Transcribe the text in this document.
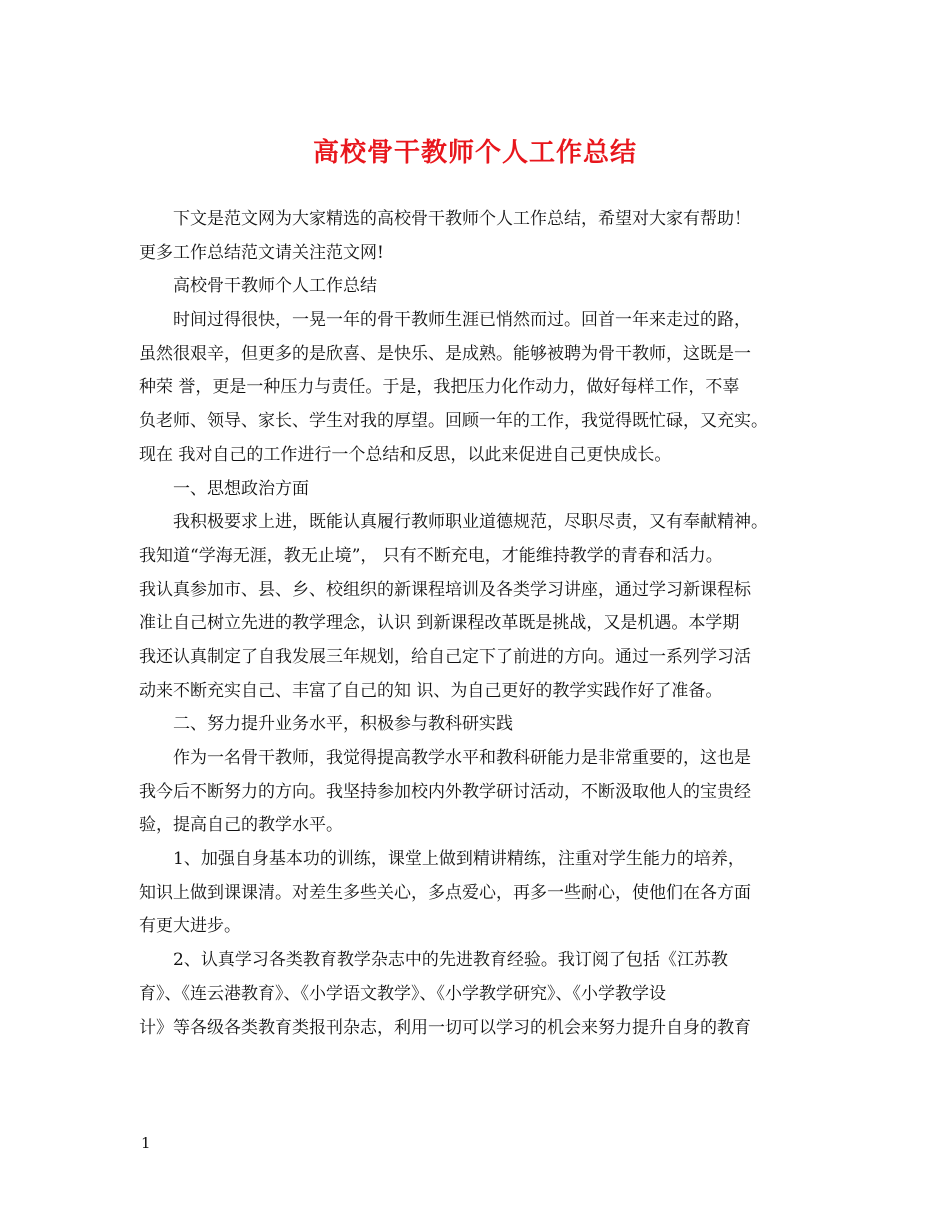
高校骨干教师个人工作总结
下文是范文网为大家精选的高校骨干教师个人工作总结，希望对大家有帮助！
更多工作总结范文请关注范文网!
高校骨干教师个人工作总结
时间过得很快，一晃一年的骨干教师生涯已悄然而过。回首一年来走过的路，
虽然很艰辛，但更多的是欣喜、是快乐、是成熟。能够被聘为骨干教师，这既是一
种荣 誉，更是一种压力与责任。于是，我把压力化作动力，做好每样工作，不辜
负老师、领导、家长、学生对我的厚望。回顾一年的工作，我觉得既忙碌，又充实。
现在 我对自己的工作进行一个总结和反思，以此来促进自己更快成长。
一、思想政治方面
我积极要求上进，既能认真履行教师职业道德规范，尽职尽责，又有奉献精神。
我知道“学海无涯，教无止境”， 只有不断充电，才能维持教学的青春和活力。
我认真参加市、县、乡、校组织的新课程培训及各类学习讲座，通过学习新课程标
准让自己树立先进的教学理念，认识 到新课程改革既是挑战，又是机遇。本学期
我还认真制定了自我发展三年规划，给自己定下了前进的方向。通过一系列学习活
动来不断充实自己、丰富了自己的知 识、为自己更好的教学实践作好了准备。
二、努力提升业务水平，积极参与教科研实践
作为一名骨干教师，我觉得提高教学水平和教科研能力是非常重要的，这也是
我今后不断努力的方向。我坚持参加校内外教学研讨活动，不断汲取他人的宝贵经
验，提高自己的教学水平。
1、加强自身基本功的训练，课堂上做到精讲精练，注重对学生能力的培养，
知识上做到课课清。对差生多些关心，多点爱心，再多一些耐心，使他们在各方面
有更大进步。
2、认真学习各类教育教学杂志中的先进教育经验。我订阅了包括《江苏教
育》、《连云港教育》、《小学语文教学》、《小学教学研究》、《小学教学设
计》等各级各类教育类报刊杂志，利用一切可以学习的机会来努力提升自身的教育
1
